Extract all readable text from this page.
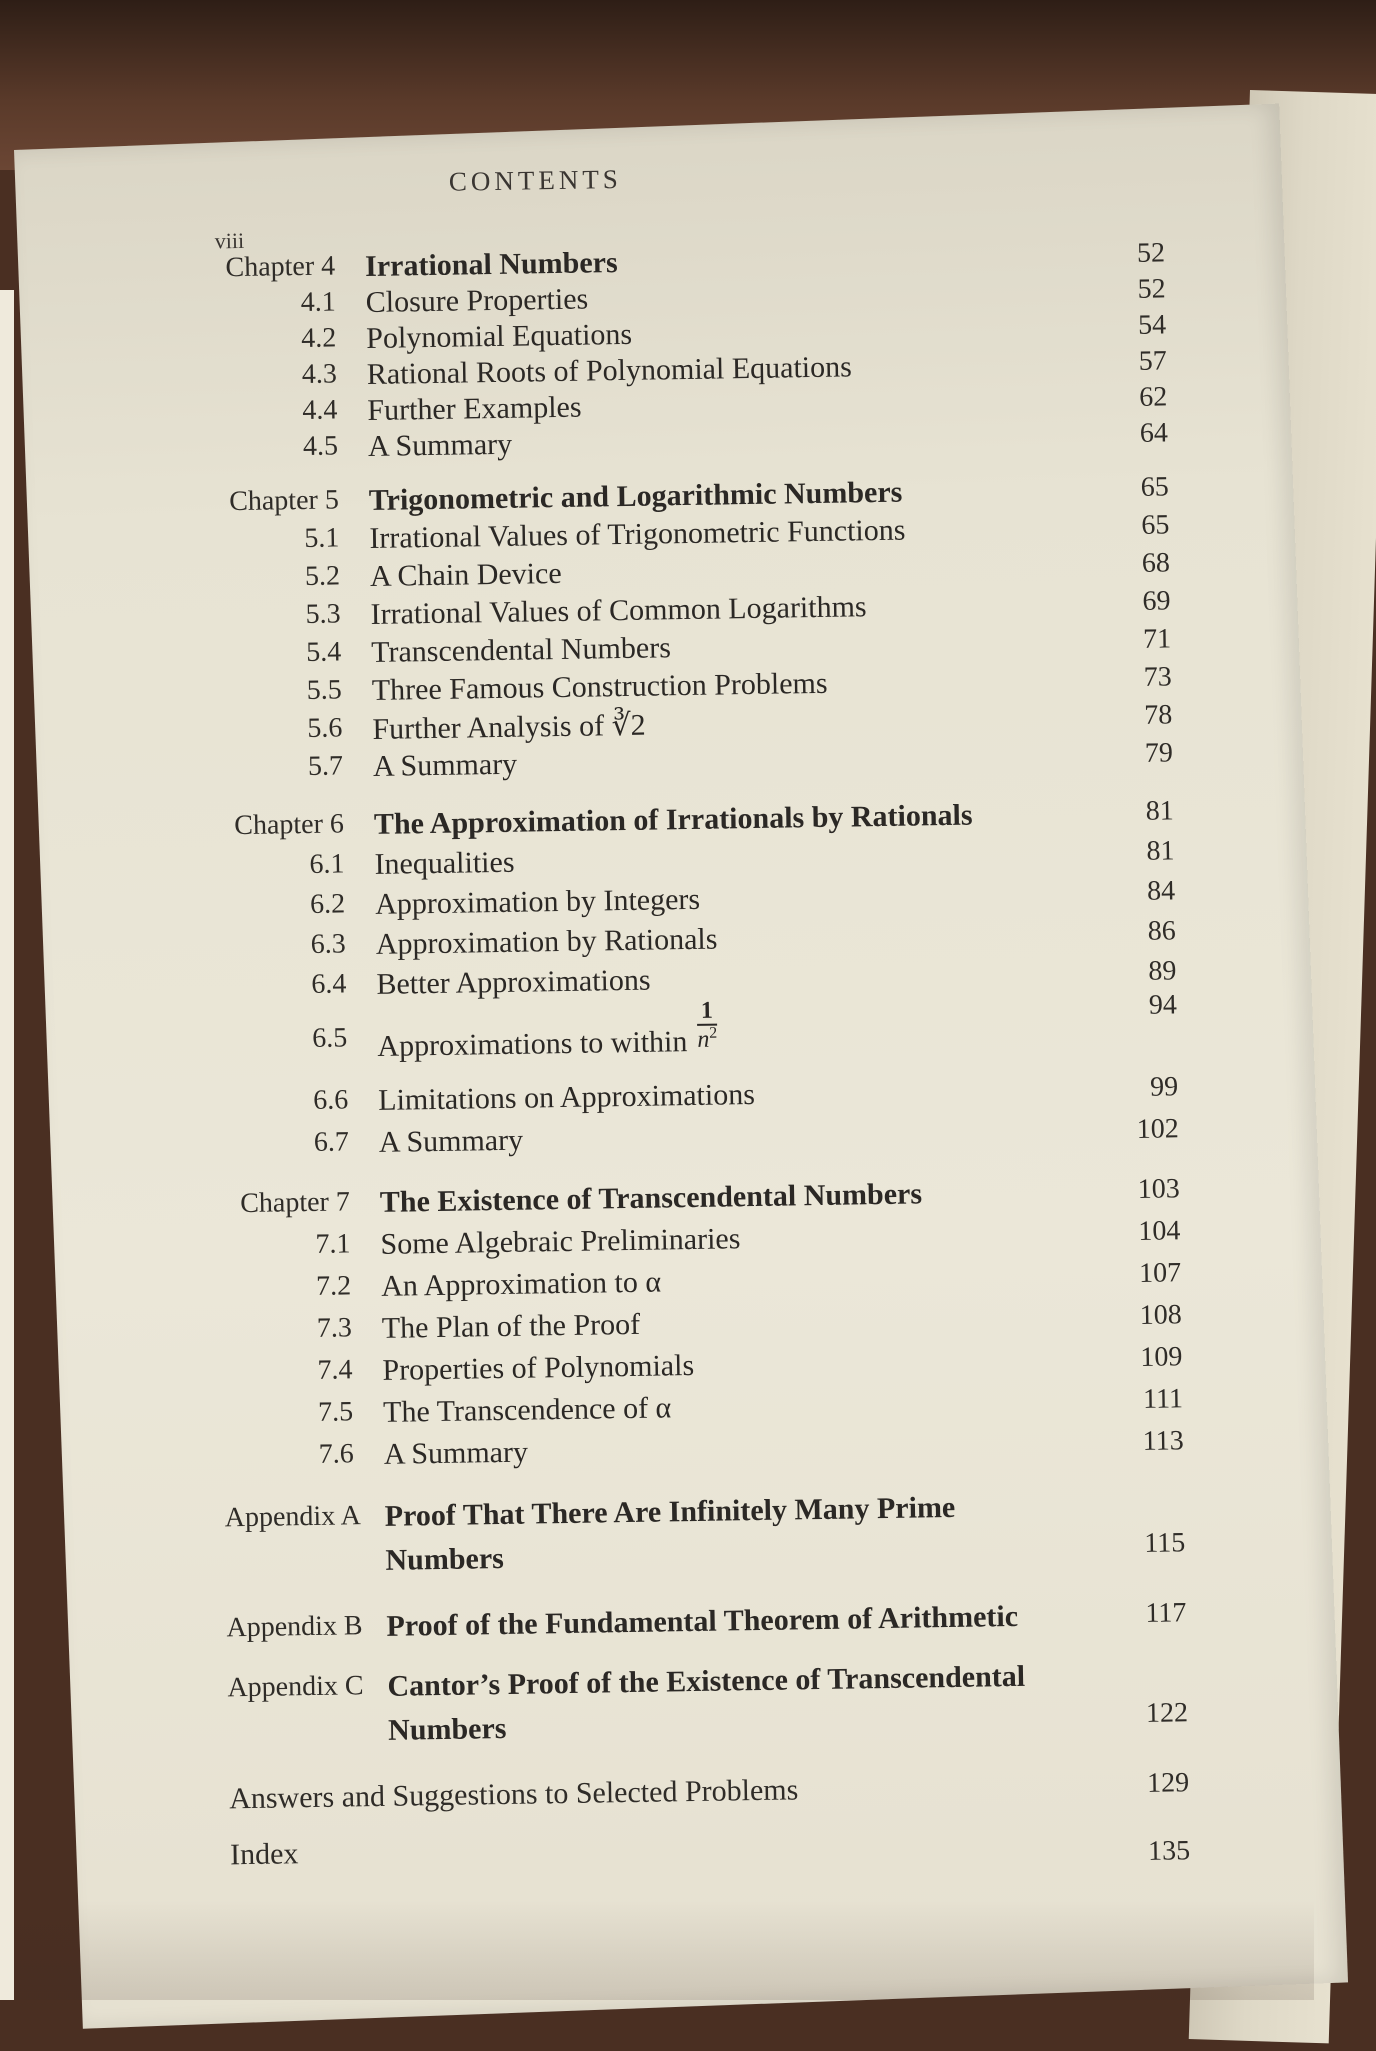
CONTENTS
viii
Chapter 4 Irrational Numbers	52
4.1 Closure Properties	52
4.2 Polynomial Equations	54
4.3 Rational Roots of Polynomial Equations	57
4.4 Further Examples	62
4.5 A Summary	64
Chapter 5 Trigonometric and Logarithmic Numbers	65
5.1 Irrational Values of Trigonometric Functions	65
5.2 A Chain Device	68
5.3 Irrational Values of Common Logarithms	69
5.4 Transcendental Numbers	71
5.5 Three Famous Construction Problems	73
5.6 Further Analysis of ∛2	78
5.7 A Summary	79
Chapter 6 The Approximation of Irrationals by Rationals	81
6.1 Inequalities	81
6.2 Approximation by Integers	84
6.3 Approximation by Rationals	86
6.4 Better Approximations	89
6.5 Approximations to within $\frac{1}{n^2}$	94
6.6 Limitations on Approximations	99
6.7 A Summary	102
Chapter 7 The Existence of Transcendental Numbers	103
7.1 Some Algebraic Preliminaries	104
7.2 An Approximation to α	107
7.3 The Plan of the Proof	108
7.4 Properties of Polynomials	109
7.5 The Transcendence of α	111
7.6 A Summary	113
Appendix A Proof That There Are Infinitely Many Prime
Numbers	115
Appendix B Proof of the Fundamental Theorem of Arithmetic	117
Appendix C Cantor’s Proof of the Existence of Transcendental
Numbers	122
Answers and Suggestions to Selected Problems	129
Index	135
